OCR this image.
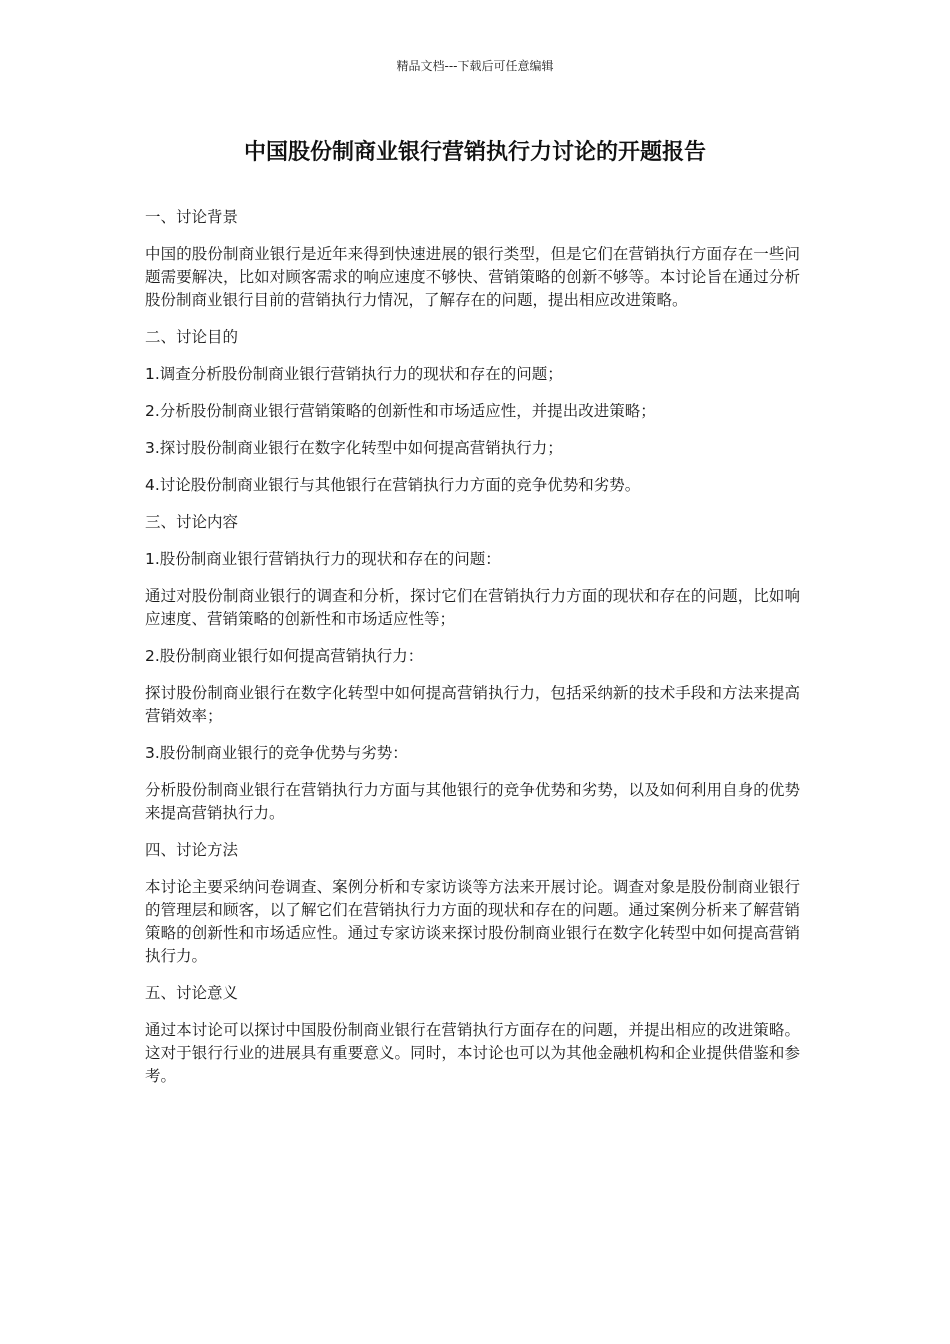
精品文档---下载后可任意编辑
中国股份制商业银行营销执行力讨论的开题报告

一、讨论背景

中国的股份制商业银行是近年来得到快速进展的银行类型，但是它们在营销执行方面存在一些问题需要解决，比如对顾客需求的响应速度不够快、营销策略的创新不够等。本讨论旨在通过分析股份制商业银行目前的营销执行力情况，了解存在的问题，提出相应改进策略。

二、讨论目的

1.调查分析股份制商业银行营销执行力的现状和存在的问题；

2.分析股份制商业银行营销策略的创新性和市场适应性，并提出改进策略；

3.探讨股份制商业银行在数字化转型中如何提高营销执行力；

4.讨论股份制商业银行与其他银行在营销执行力方面的竞争优势和劣势。

三、讨论内容

1.股份制商业银行营销执行力的现状和存在的问题：

通过对股份制商业银行的调查和分析，探讨它们在营销执行力方面的现状和存在的问题，比如响应速度、营销策略的创新性和市场适应性等；

2.股份制商业银行如何提高营销执行力：

探讨股份制商业银行在数字化转型中如何提高营销执行力，包括采纳新的技术手段和方法来提高营销效率；

3.股份制商业银行的竞争优势与劣势：

分析股份制商业银行在营销执行力方面与其他银行的竞争优势和劣势，以及如何利用自身的优势来提高营销执行力。

四、讨论方法

本讨论主要采纳问卷调查、案例分析和专家访谈等方法来开展讨论。调查对象是股份制商业银行的管理层和顾客，以了解它们在营销执行力方面的现状和存在的问题。通过案例分析来了解营销策略的创新性和市场适应性。通过专家访谈来探讨股份制商业银行在数字化转型中如何提高营销执行力。

五、讨论意义

通过本讨论可以探讨中国股份制商业银行在营销执行方面存在的问题，并提出相应的改进策略。这对于银行行业的进展具有重要意义。同时，本讨论也可以为其他金融机构和企业提供借鉴和参考。
